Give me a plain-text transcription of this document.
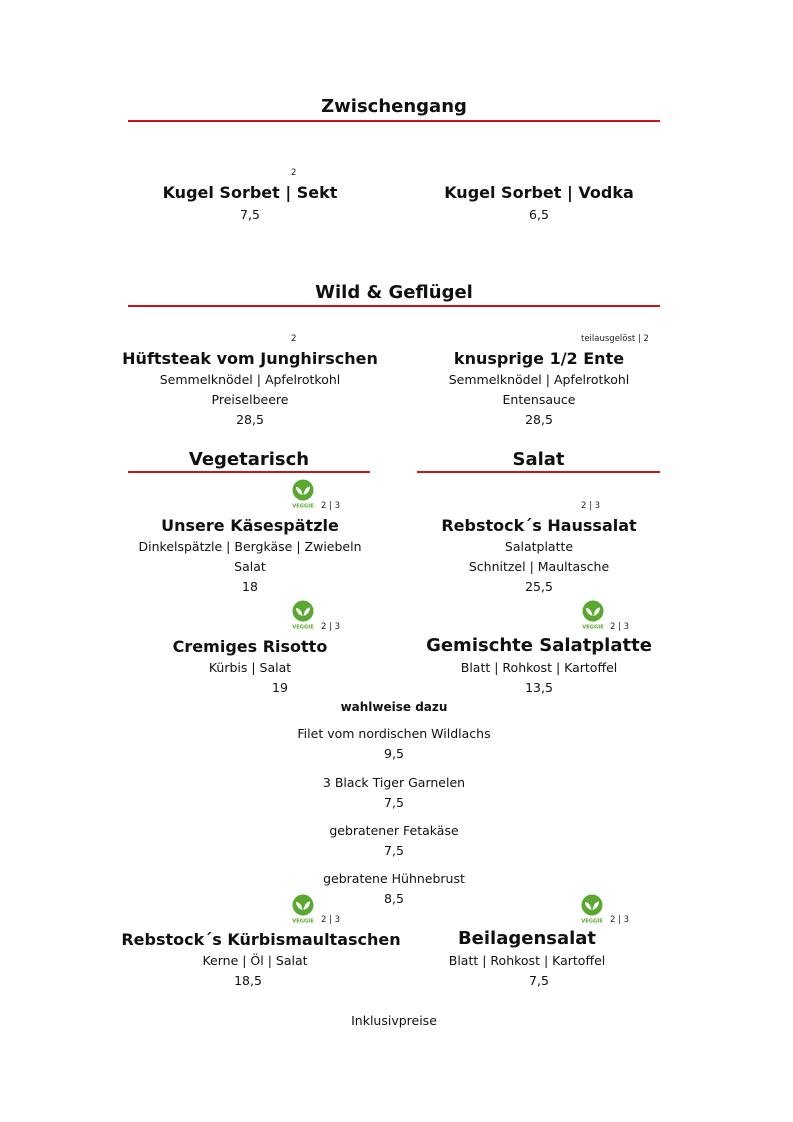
Zwischengang
2
Kugel Sorbet | Sekt
7,5
Kugel Sorbet | Vodka
6,5
Wild & Geflügel
2
Hüftsteak vom Junghirschen
Semmelknödel | Apfelrotkohl
Preiselbeere
28,5
teilausgelöst | 2
knusprige 1/2 Ente
Semmelknödel | Apfelrotkohl
Entensauce
28,5
Vegetarisch	Salat
VEGGIE 2 | 3
Unsere Käsespätzle
Dinkelspätzle | Bergkäse | Zwiebeln
Salat
18
2 | 3
Rebstock´s Haussalat
Salatplatte
Schnitzel | Maultasche
25,5
VEGGIE 2 | 3
Cremiges Risotto
Kürbis | Salat
19
VEGGIE 2 | 3
Gemischte Salatplatte
Blatt | Rohkost | Kartoffel
13,5
wahlweise dazu
Filet vom nordischen Wildlachs
9,5
3 Black Tiger Garnelen
7,5
gebratener Fetakäse
7,5
gebratene Hühnebrust
8,5
VEGGIE 2 | 3
Rebstock´s Kürbismaultaschen
Kerne | Öl | Salat
18,5
VEGGIE 2 | 3
Beilagensalat
Blatt | Rohkost | Kartoffel
7,5
Inklusivpreise
